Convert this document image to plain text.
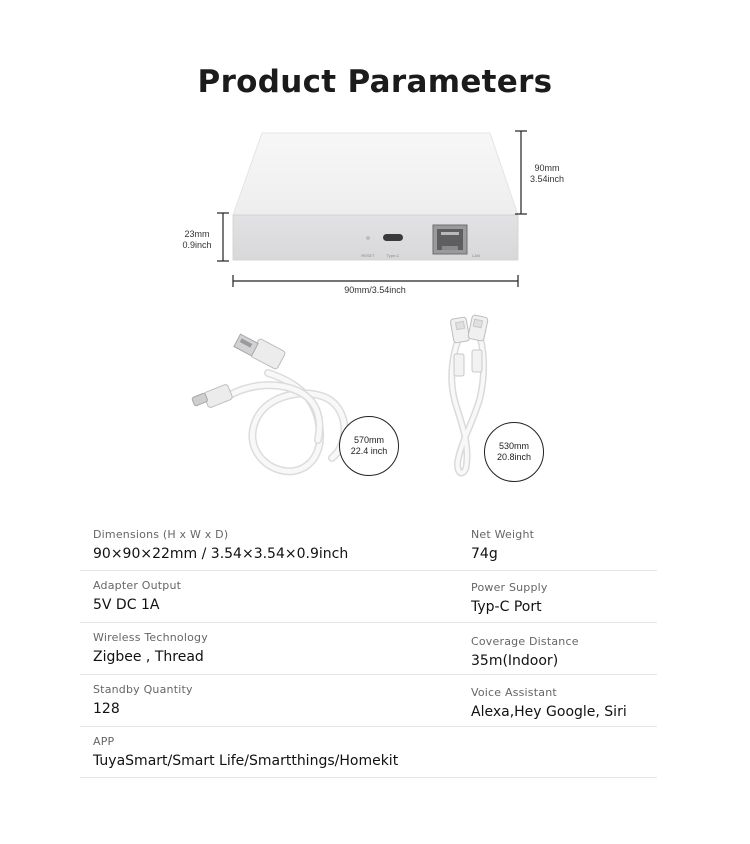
Product Parameters
90mm
3.54inch
23mm
0.9inch
90mm/3.54inch
RESET	Type-C	LAN
570mm
22.4 inch	530mm
20.8inch
Dimensions (H x W x D)
90×90×22mm / 3.54×3.54×0.9inch
Net Weight
74g
Adapter Output
5V DC 1A
Power Supply
Typ-C Port
Wireless Technology
Zigbee , Thread
Coverage Distance
35m(Indoor)
Standby Quantity
128
Voice Assistant
Alexa,Hey Google, Siri
APP
TuyaSmart/Smart Life/Smartthings/Homekit
